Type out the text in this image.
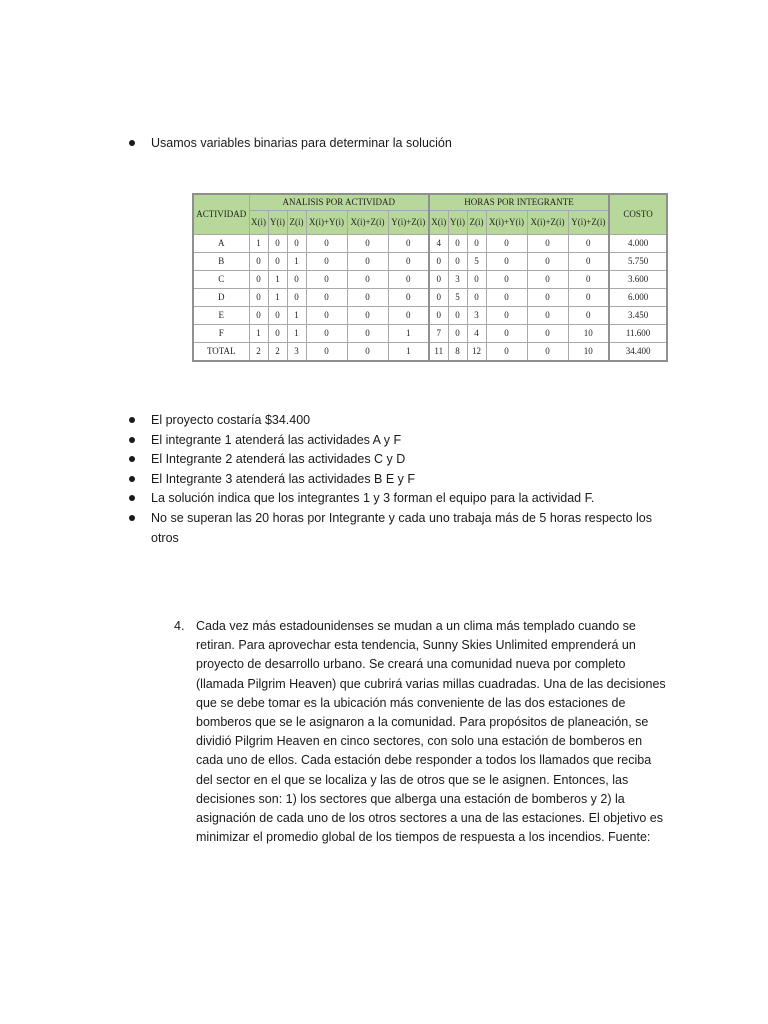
Usamos variables binarias para determinar la solución
ACTIVIDAD	ANALISIS POR ACTIVIDAD						HORAS POR INTEGRANTE						COSTO
	X(i)	Y(i)	Z(i)	X(i)+Y(i)	X(i)+Z(i)	Y(i)+Z(i)	X(i)	Y(i)	Z(i)	X(i)+Y(i)	X(i)+Z(i)	Y(i)+Z(i)	
A	1	0	0	0	0	0	4	0	0	0	0	0	4.000
B	0	0	1	0	0	0	0	0	5	0	0	0	5.750
C	0	1	0	0	0	0	0	3	0	0	0	0	3.600
D	0	1	0	0	0	0	0	5	0	0	0	0	6.000
E	0	0	1	0	0	0	0	0	3	0	0	0	3.450
F	1	0	1	0	0	1	7	0	4	0	0	10	11.600
TOTAL	2	2	3	0	0	1	11	8	12	0	0	10	34.400
El proyecto costaría $34.400
El integrante 1 atenderá las actividades A y F
El Integrante 2 atenderá las actividades C y D
El Integrante 3 atenderá las actividades B E y F
La solución indica que los integrantes 1 y 3 forman el equipo para la actividad F.
No se superan las 20 horas por Integrante y cada uno trabaja más de 5 horas respecto los otros
4. Cada vez más estadounidenses se mudan a un clima más templado cuando se retiran. Para aprovechar esta tendencia, Sunny Skies Unlimited emprenderá un proyecto de desarrollo urbano. Se creará una comunidad nueva por completo (llamada Pilgrim Heaven) que cubrirá varias millas cuadradas. Una de las decisiones que se debe tomar es la ubicación más conveniente de las dos estaciones de bomberos que se le asignaron a la comunidad. Para propósitos de planeación, se dividió Pilgrim Heaven en cinco sectores, con solo una estación de bomberos en cada uno de ellos. Cada estación debe responder a todos los llamados que reciba del sector en el que se localiza y las de otros que se le asignen. Entonces, las decisiones son: 1) los sectores que alberga una estación de bomberos y 2) la asignación de cada uno de los otros sectores a una de las estaciones. El objetivo es minimizar el promedio global de los tiempos de respuesta a los incendios. Fuente:
